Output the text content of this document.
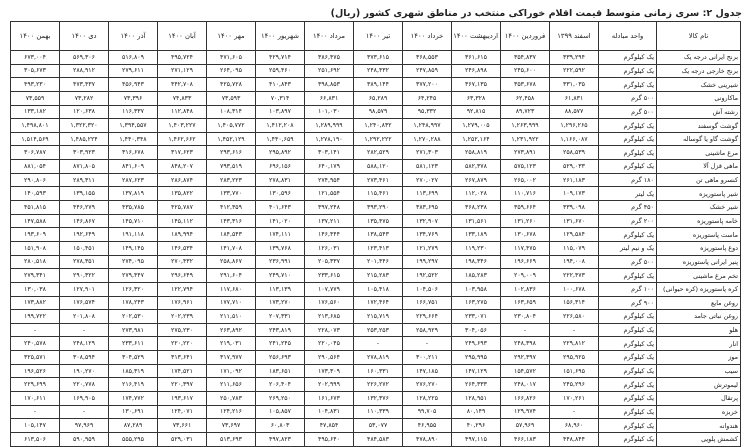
جدول ۲: سری زمانی متوسط قیمت اقلام خوراکی منتخب در مناطق شهری کشور (ریال)
نام کالا	واحد مبادله	اسفند ۱۳۹۹	فروردین ۱۴۰۰	اردیبهشت ۱۴۰۰	خرداد ۱۴۰۰	تیر ۱۴۰۰	مرداد ۱۴۰۰	شهریور ۱۴۰۰	مهر ۱۴۰۰	آبان ۱۴۰۰	آذر ۱۴۰۰	دی ۱۴۰۰	بهمن ۱۴۰۰
برنج ایرانی درجه یک	یک کیلوگرم	۳۳۹,۲۹۴	۳۵۴,۸۳۷	۳۶۱,۶۱۵	۳۶۸,۵۵۳	۳۷۳,۶۱۵	۳۸۶,۴۷۵	۴۲۹,۷۱۴	۴۷۱,۶۰۵	۴۹۵,۷۲۴	۵۱۶,۸۰۹	۵۶۹,۳۰۶	۶۷۳,۰۰۴
برنج خارجی درجه یک	یک کیلوگرم	۲۲۲,۵۹۲	۲۴۵,۶۰۰	۲۴۶,۸۹۸	۲۴۷,۸۵۹	۲۴۸,۴۳۲	۲۵۱,۶۹۲	۲۵۹,۴۶۰	۲۶۴,۰۹۵	۲۷۱,۱۲۹	۲۷۹,۶۱۱	۲۸۸,۹۱۲	۳۰۵,۶۷۳
شیرینی خشک	یک کیلوگرم	۳۳۱,۰۳۵	۳۵۳,۶۷۸	۳۶۷,۱۳۵	۳۷۷,۲۰۰	۳۸۹,۱۴۴	۳۹۸,۸۵۳	۴۱۰,۸۴۳	۴۲۵,۷۲۸	۴۴۲,۷۰۸	۴۵۶,۹۴۳	۴۷۳,۴۳۷	۴۹۳,۲۳۰
ماکارونی	۵۰۰ گرم	۶۱,۸۳۱	۶۲,۴۵۸	۶۳,۳۲۸	۶۴,۲۴۵	۶۵,۲۸۹	۶۶,۸۳۱	۷۰,۳۱۴	۷۳,۵۹۳	۷۴,۸۳۳	۷۳,۳۹۶	۷۳,۲۸۲	۷۳,۵۵۹
رشته آش	۵۰۰ گرم	۸۸,۵۷۷	۸۹,۷۲۳	۹۲,۸۱۵	۹۵,۳۳۲	۹۸,۵۷۹	۱۰۱,۰۳۰	۱۰۳,۸۹۷	۱۰۸,۳۱۴	۱۱۲,۸۴۸	۱۱۶,۳۳۷	۱۲۰,۶۳۸	۱۳۳,۱۸۲
گوشت گوسفند	یک کیلوگرم	۱,۲۹۶,۲۶۵	۱,۲۶۳,۹۹۹	۱,۲۷۹,۰۰۵	۱,۲۴۸,۹۹۷	۱,۲۴۰,۸۳۲	۱,۲۸۹,۹۹۹	۱,۴۱۲,۲۰۸	۱,۴۰۵,۷۷۲	۱,۴۰۳,۲۲۷	۱,۳۹۴,۵۵۷	۱,۳۲۲,۳۲۰	۱,۴۹۸,۸۰۱
گوشت گاو یا گوساله	یک کیلوگرم	۱,۱۶۶,۰۸۷	۱,۲۳۱,۹۲۲	۱,۲۵۲,۱۶۴	۱,۲۷۰,۲۸۸	۱,۲۹۲,۲۲۲	۱,۲۷۸,۱۹۰	۱,۴۴۰,۶۵۹	۱,۴۵۲,۱۲۹	۱,۴۶۲,۶۶۲	۱,۴۴۰,۳۴۸	۱,۴۸۵,۲۲۴	۱,۵۱۴,۵۶۹
مرغ ماشینی	یک کیلوگرم	۲۵۸,۵۳۹	۲۷۳,۸۹۱	۲۵۸,۸۱۹	۲۷۱,۳۰۳	۲۸۲,۵۲۹	۳۰۳,۱۴۱	۲۹۵,۸۹۲	۲۹۳,۶۱۶	۳۱۷,۶۲۳	۳۱۶,۶۷۸	۳۰۳,۹۲۳	۳۰۶,۷۸۷
ماهی قزل آلا	یک کیلوگرم	۵۲۹,۰۳۳	۵۷۵,۱۲۳	۵۸۲,۳۷۸	۵۸۱,۱۲۳	۵۸۸,۱۲۰	۶۴۰,۱۷۹	۶۹۶,۱۵۶	۷۹۳,۵۱۹	۸۴۸,۲۰۷	۸۴۱,۶۰۹	۸۷۱,۸۰۵	۸۸۱,۰۵۴
کنسرو ماهی تن	۱۸۰ گرم	۲۶۱,۱۸۳	۲۶۵,۰۰۲	۲۶۷,۸۷۹	۲۷۰,۰۲۷	۲۷۳,۴۶۱	۲۷۴,۹۵۴	۲۷۸,۸۳۱	۲۸۳,۲۲۳	۲۸۶,۸۷۴	۲۸۷,۶۲۳	۲۸۹,۳۱۱	۲۹۰,۸۰۶
شیر پاستوریزه	یک لیتر	۱۰۹,۱۷۳	۱۱۰,۷۱۶	۱۱۲,۰۲۸	۱۱۳,۶۹۹	۱۱۵,۴۶۱	۱۲۱,۵۵۴	۱۳۰,۵۹۶	۱۳۳,۷۷۰	۱۳۵,۸۲۲	۱۳۷,۸۱۹	۱۳۹,۱۵۵	۱۴۰,۵۹۳
شیر خشک	۴۵۰ گرم	۳۳۹,۰۹۸	۳۵۹,۶۶۴	۳۶۸,۲۳۸	۳۸۳,۶۹۵	۳۹۳,۲۹۰	۳۹۷,۲۴۸	۴۰۱,۶۴۳	۴۱۲,۳۵۹	۴۲۵,۷۸۷	۴۳۵,۷۸۵	۴۴۶,۲۷۹	۴۵۱,۸۱۵
خامه پاستوریزه	۲۰۰ گرم	۱۳۱,۶۷۰	۱۳۱,۲۶۰	۱۳۱,۵۶۱	۱۳۲,۹۰۷	۱۳۵,۴۷۵	۱۳۷,۲۱۱	۱۴۱,۰۲۰	۱۴۳,۳۱۶	۱۴۵,۱۱۲	۱۴۵,۷۱۰	۱۴۶,۸۶۷	۱۴۷,۵۸۸
ماست پاستوریزه	یک کیلوگرم	۱۲۹,۵۸۴	۱۳۰,۶۷۸	۱۳۳,۱۸۹	۱۳۴,۷۶۹	۱۳۸,۵۴۳	۱۴۶,۴۴۴	۱۷۴,۱۱۱	۱۸۴,۵۴۳	۱۸۹,۹۹۴	۱۹۱,۱۱۸	۱۹۲,۶۴۹	۱۹۳,۶۰۹
دوغ پاستوریزه	یک و نیم لیتر	۱۱۵,۰۷۹	۱۱۷,۴۷۵	۱۱۹,۲۳۰	۱۲۱,۲۷۹	۱۲۳,۴۱۳	۱۲۶,۰۳۱	۱۳۹,۷۶۸	۱۴۱,۷۰۸	۱۴۶,۵۳۴	۱۴۹,۱۴۵	۱۵۰,۴۵۱	۱۵۱,۹۰۸
پنیر ایرانی پاستوریزه	۵۰۰ گرم	۱۹۴,۰۰۸	۱۹۶,۶۶۹	۱۹۸,۳۴۶	۱۹۹,۲۹۷	۲۰۱,۴۴۶	۲۰۵,۳۳۷	۲۳۶,۹۹۱	۲۵۸,۸۶۷	۲۷۰,۴۳۲	۲۷۴,۰۹۵	۲۷۸,۳۵۱	۲۸۰,۵۱۸
تخم مرغ ماشینی	یک کیلوگرم	۲۲۲,۴۷۳	۲۰۹,۰۰۹	۱۸۵,۲۸۳	۱۹۲,۵۲۲	۲۱۵,۲۸۳	۲۳۳,۶۱۵	۲۴۹,۷۱۰	۲۹۱,۶۰۴	۲۹۶,۶۴۹	۲۷۹,۴۴۷	۲۹۰,۳۲۲	۲۷۹,۳۴۱
کره پاستوریزه (کره حیوانی)	۱۰۰ گرم	۱۰۰,۶۷۸	۱۰۲,۸۳۶	۱۰۳,۹۵۸	۱۰۴,۵۰۶	۱۰۵,۴۱۸	۱۰۷,۷۷۹	۱۱۳,۱۳۹	۱۱۷,۶۸۰	۱۲۲,۷۹۴	۱۲۶,۳۲۰	۱۲۷,۹۰۱	۱۳۰,۰۳۸
روغن مایع	۹۰۰ گرم	۱۵۶,۳۱۴	۱۶۳,۶۵۹	۱۶۳,۲۷۵	۱۶۶,۷۵۱	۱۷۲,۴۶۴	۱۷۶,۵۶۰	۱۷۳,۲۷۰	۱۷۷,۷۱۰	۱۷۶,۹۶۱	۱۷۸,۲۴۳	۱۷۶,۵۷۴	۱۷۳,۸۸۲
روغن نباتی جامد	یک کیلوگرم	۲۲۶,۵۸۰	۲۳۰,۸۰۴	۲۳۳,۰۷۱	۲۲۹,۶۶۴	۲۱۵,۷۱۹	۲۱۳,۶۸۵	۲۰۷,۳۳۱	۲۱۱,۵۱۰	۲۰۲,۲۳۹	۲۰۲,۵۳۰	۲۰۱,۸۰۸	۱۹۹,۷۲۲
هلو	یک کیلوگرم	-	-	۳۰۴,۰۵۶	۲۵۸,۹۲۹	۲۵۳,۲۵۳	۲۲۸,۰۷۳	۲۴۳,۸۱۹	۲۶۳,۸۹۲	۲۷۵,۲۳۰	۲۷۳,۹۸۱	-	-
انار	یک کیلوگرم	۲۲۹,۸۱۲	۲۴۸,۳۹۸	۲۴۹,۶۹۳	-	-	۲۲۰,۰۴۵	۲۴۱,۲۴۵	۲۱۹,۰۳۱	۲۲۰,۲۲۰	۲۳۳,۶۱۱	۲۴۸,۱۲۹	۲۴۰,۵۷۸
موز	یک کیلوگرم	۲۹۵,۹۲۵	۲۹۲,۳۹۷	۲۹۵,۹۹۵	۳۰۰,۲۱۱	۲۷۸,۸۱۹	۲۹۰,۵۶۴	۲۵۶,۶۹۳	۳۱۷,۹۷۷	۳۱۳,۶۴۱	۳۰۴,۵۲۹	۳۰۸,۵۹۴	۳۲۵,۵۷۱
سیب	یک کیلوگرم	۱۵۱,۶۹۵	۱۵۴,۵۷۲	۱۴۷,۱۲۹	۱۴۷,۱۸۵	۱۶۰,۳۳۱	۱۷۳,۳۰۹	۱۸۳,۶۵۱	۱۷۱,۰۹۲	۱۷۴,۵۲۱	۱۸۵,۳۱۹	۱۹۰,۲۷۰	۱۹۶,۵۲۶
لیموترش	یک کیلوگرم	۲۴۵,۲۹۶	۲۴۸,۰۱۷	۲۶۴,۳۳۳	۲۷۶,۲۷۰	۲۲۶,۲۷۲	۲۰۲,۹۹۹	۲۰۶,۴۰۴	۲۱۱,۶۵۶	۲۲۰,۳۹۷	۲۱۶,۴۱۹	۲۲۰,۷۷۸	۲۲۹,۶۹۹
پرتقال	یک کیلوگرم	۱۷۰,۲۶۱	۱۶۶,۸۲۶	۱۲۸,۹۵۱	۱۲۸,۲۲۵	۱۳۲,۳۷۶	۱۶۱,۶۷۳	۲۶۹,۲۵۰	۲۵۰,۷۸۳	۱۹۳,۶۱۷	۱۷۴,۷۷۲	۱۶۹,۹۰۵	۱۷۰,۶۱۱
خربزه	یک کیلوگرم	-	۱۲۹,۹۷۴	۸۰,۱۴۹	۹۹,۷۰۵	۱۱۰,۳۳۹	۱۰۴,۸۳۱	۱۰۵,۸۵۷	۱۲۴,۲۱۶	۱۲۴,۰۷۱	۱۳۰,۶۹۱	-	-
هندوانه	یک کیلوگرم	۶۸,۹۶۰	۵۷,۹۶۹	۴۰,۲۹۶	۴۶,۹۵۵	۵۳,۰۷۷	۴۷,۸۵۴	۶۰,۸۰۳	۷۳,۶۹۷	۷۳,۶۶۱	۸۷,۲۸۹	۹۷,۹۶۹	۱۰۵,۱۴۷
کشمش پلویی	یک کیلوگرم	۴۴۸,۸۴۴	۴۶۶,۱۸۳	۴۹۷,۱۱۵	۴۷۸,۸۹۰	۴۸۴,۵۸۳	۴۹۵,۶۴۰	۴۹۷,۸۲۳	۵۱۳,۶۹۳	۵۲۹,۰۳۱	۵۵۵,۲۹۵	۵۹۰,۹۵۹	۶۱۳,۵۰۶
